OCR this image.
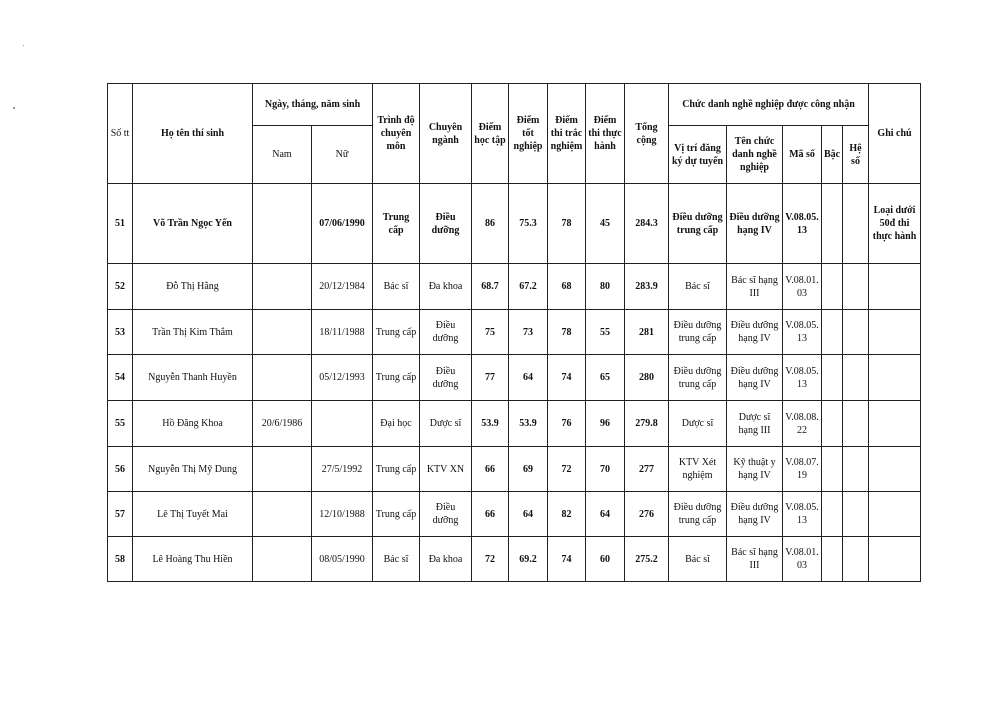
Số tt	Họ tên thí sinh	Ngày, tháng, năm sinh		Trình độ chuyên môn	Chuyên ngành	Điểm học tập	Điểm tốt nghiệp	Điểm thi trắc nghiệm	Điểm thi thực hành	Tổng cộng	Chức danh nghề nghiệp được công nhận					Ghi chú
		Nam	Nữ								Vị trí đăng ký dự tuyển	Tên chức danh nghề nghiệp	Mã số	Bậc	Hệ số	
51	Võ Trần Ngọc Yến		07/06/1990	Trung cấp	Điều dưỡng	86	75.3	78	45	284.3	Điều dưỡng trung cấp	Điều dưỡng hạng IV	V.08.05. 13			Loại dưới 50đ thi thực hành
52	Đỗ Thị Hằng		20/12/1984	Bác sĩ	Đa khoa	68.7	67.2	68	80	283.9	Bác sĩ	Bác sĩ hạng III	V.08.01. 03			
53	Trần Thị Kim Thắm		18/11/1988	Trung cấp	Điều dưỡng	75	73	78	55	281	Điều dưỡng trung cấp	Điều dưỡng hạng IV	V.08.05. 13			
54	Nguyễn Thanh Huyền		05/12/1993	Trung cấp	Điều dưỡng	77	64	74	65	280	Điều dưỡng trung cấp	Điều dưỡng hạng IV	V.08.05. 13			
55	Hồ Đăng Khoa	20/6/1986		Đại học	Dược sĩ	53.9	53.9	76	96	279.8	Dược sĩ	Dược sĩ hạng III	V.08.08. 22			
56	Nguyễn Thị Mỹ Dung		27/5/1992	Trung cấp	KTV XN	66	69	72	70	277	KTV Xét nghiệm	Kỹ thuật y hạng IV	V.08.07. 19			
57	Lê Thị Tuyết Mai		12/10/1988	Trung cấp	Điều dưỡng	66	64	82	64	276	Điều dưỡng trung cấp	Điều dưỡng hạng IV	V.08.05. 13			
58	Lê Hoàng Thu Hiền		08/05/1990	Bác sĩ	Đa khoa	72	69.2	74	60	275.2	Bác sĩ	Bác sĩ hạng III	V.08.01. 03			
